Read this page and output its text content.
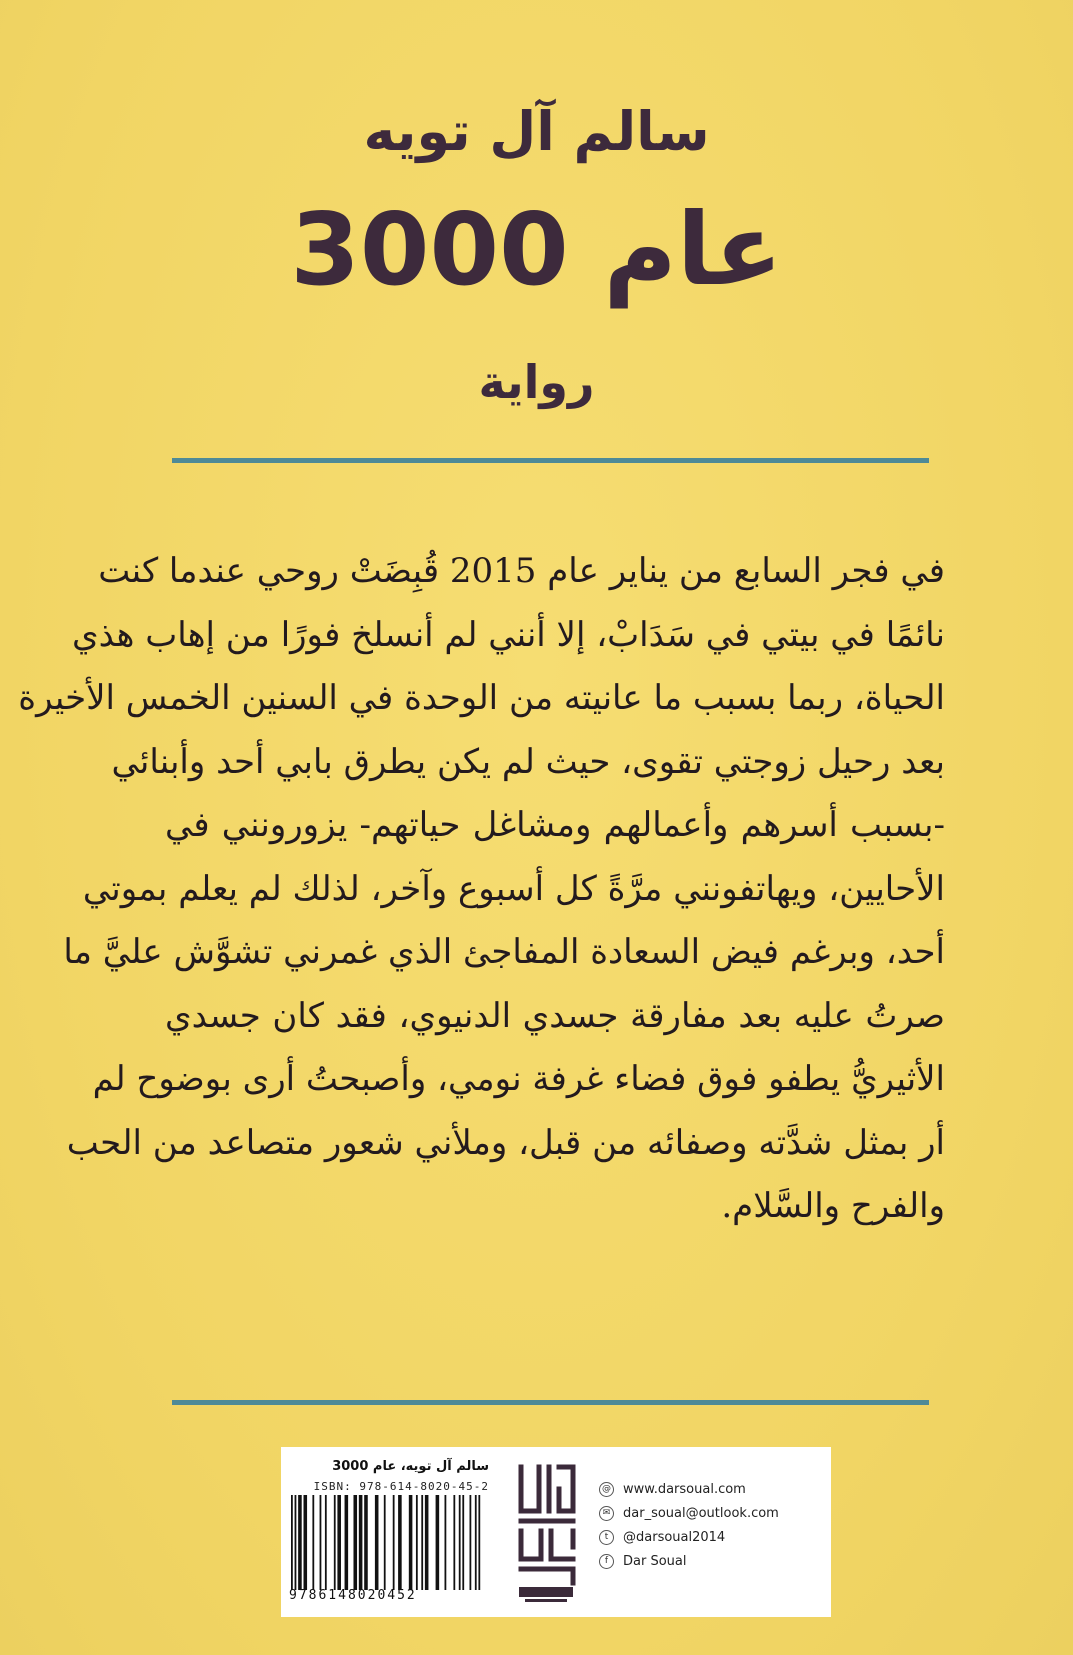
سالم آل تويه
عام 3000
رواية
في فجر السابع من يناير عام 2015 قُبِضَتْ روحي عندما كنت
نائمًا في بيتي في سَدَابْ، إلا أنني لم أنسلخ فورًا من إهاب هذي
الحياة، ربما بسبب ما عانيته من الوحدة في السنين الخمس الأخيرة
بعد رحيل زوجتي تقوى، حيث لم يكن يطرق بابي أحد وأبنائي
-بسبب أسرهم وأعمالهم ومشاغل حياتهم- يزورونني في
الأحايين، ويهاتفونني مرَّةً كل أسبوع وآخر، لذلك لم يعلم بموتي
أحد، وبرغم فيض السعادة المفاجئ الذي غمرني تشوَّش عليَّ ما
صرتُ عليه بعد مفارقة جسدي الدنيوي، فقد كان جسدي
الأثيريُّ يطفو فوق فضاء غرفة نومي، وأصبحتُ أرى بوضوح لم
أر بمثل شدَّته وصفائه من قبل، وملأني شعور متصاعد من الحب
والفرح والسَّلام.
سالم آل تويه، عام 3000
ISBN: 978-614-8020-45-2
9786148020452
@ www.darsoual.com
✉ dar_soual@outlook.com
t	@darsoual2014
f	Dar Soual
